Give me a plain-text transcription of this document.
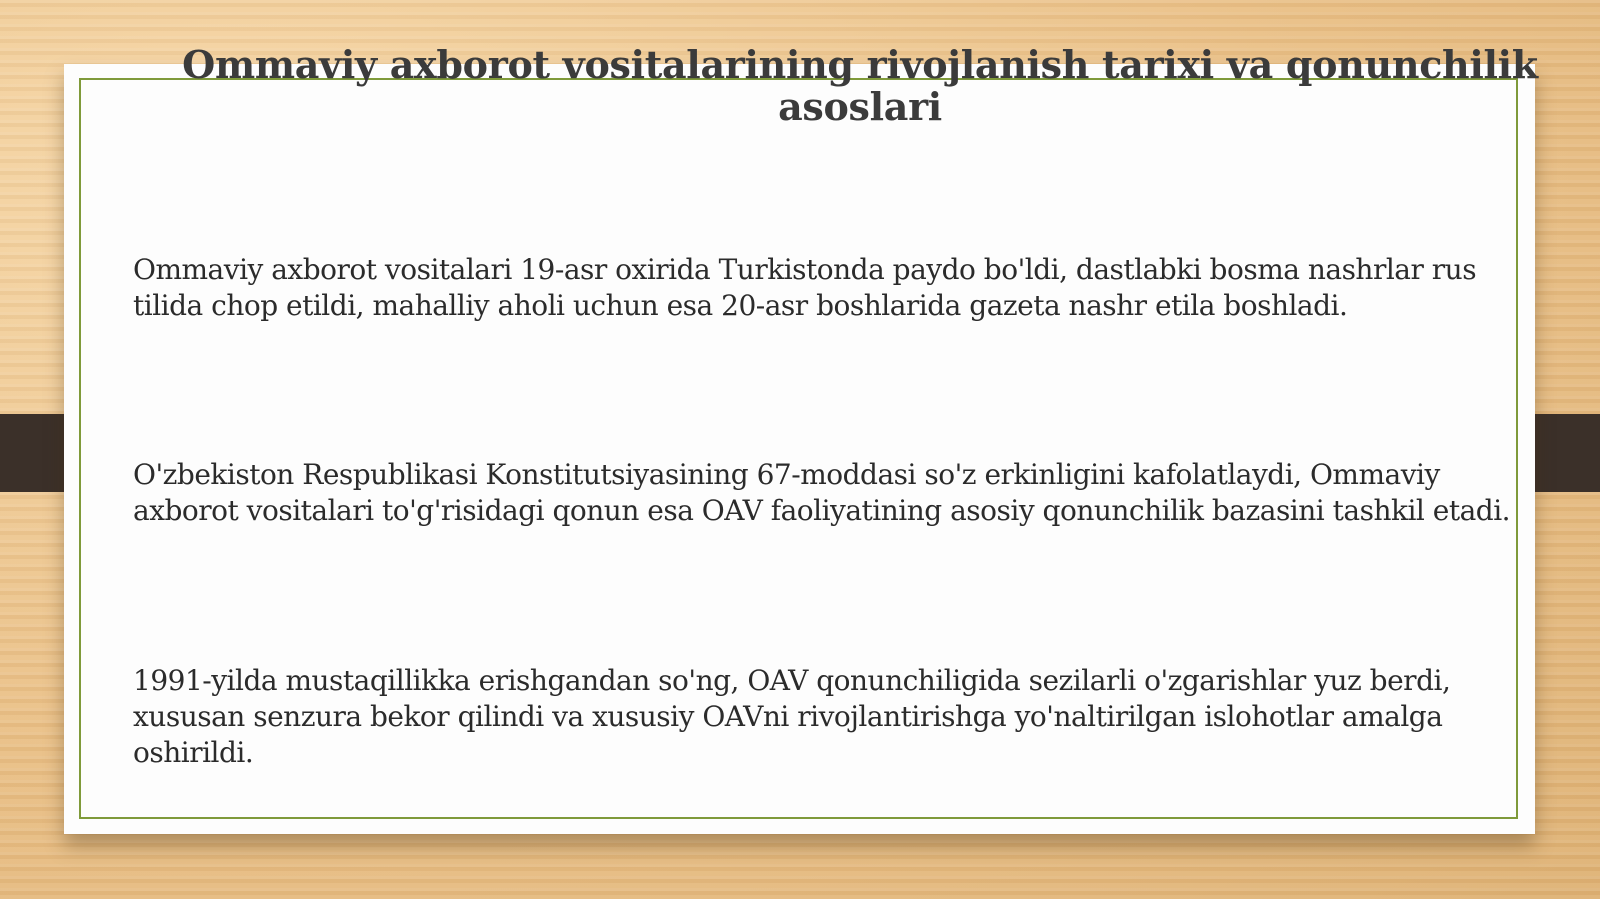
Ommaviy axborot vositalarining rivojlanish tarixi va qonunchilik asoslari

Ommaviy axborot vositalari 19-asr oxirida Turkistonda paydo bo'ldi, dastlabki bosma nashrlar rus tilida chop etildi, mahalliy aholi uchun esa 20-asr boshlarida gazeta nashr etila boshladi.

O'zbekiston Respublikasi Konstitutsiyasining 67-moddasi so'z erkinligini kafolatlaydi, Ommaviy axborot vositalari to'g'risidagi qonun esa OAV faoliyatining asosiy qonunchilik bazasini tashkil etadi.

1991-yilda mustaqillikka erishgandan so'ng, OAV qonunchiligida sezilarli o'zgarishlar yuz berdi, xususan senzura bekor qilindi va xususiy OAVni rivojlantirishga yo'naltirilgan islohotlar amalga oshirildi.
